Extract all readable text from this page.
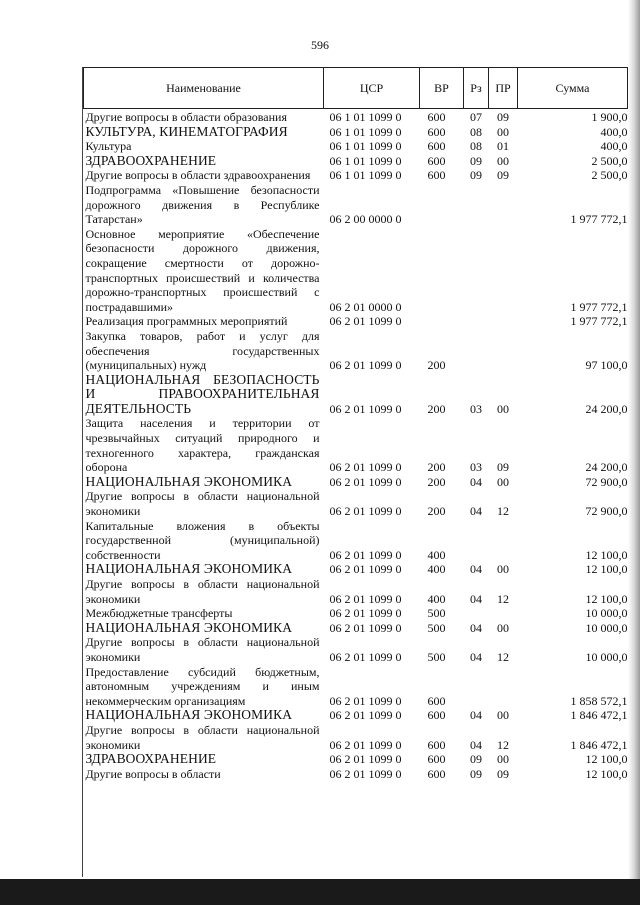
596
Наименование	ЦСР	ВР	Рз	ПР	Сумма
Другие вопросы в области образования	06 1 01 1099 0	600	07	09	1 900,0
КУЛЬТУРА, КИНЕМАТОГРАФИЯ	06 1 01 1099 0	600	08	00	400,0
Культура	06 1 01 1099 0	600	08	01	400,0
ЗДРАВООХРАНЕНИЕ	06 1 01 1099 0	600	09	00	2 500,0
Другие вопросы в области здравоохранения	06 1 01 1099 0	600	09	09	2 500,0
Подпрограмма «Повышение безопасности дорожного движения в Республике Татарстан»	06 2 00 0000 0				1 977 772,1
Основное мероприятие «Обеспечение безопасности дорожного движения, сокращение смертности от дорожно-транспортных происшествий и количества дорожно-транспортных происшествий с пострадавшими»	06 2 01 0000 0				1 977 772,1
Реализация программных мероприятий	06 2 01 1099 0				1 977 772,1
Закупка товаров, работ и услуг для обеспечения государственных (муниципальных) нужд	06 2 01 1099 0	200			97 100,0
НАЦИОНАЛЬНАЯ БЕЗОПАСНОСТЬ И ПРАВООХРАНИТЕЛЬНАЯ ДЕЯТЕЛЬНОСТЬ	06 2 01 1099 0	200	03	00	24 200,0
Защита населения и территории от чрезвычайных ситуаций природного и техногенного характера, гражданская оборона	06 2 01 1099 0	200	03	09	24 200,0
НАЦИОНАЛЬНАЯ ЭКОНОМИКА	06 2 01 1099 0	200	04	00	72 900,0
Другие вопросы в области национальной экономики	06 2 01 1099 0	200	04	12	72 900,0
Капитальные вложения в объекты государственной (муниципальной) собственности	06 2 01 1099 0	400			12 100,0
НАЦИОНАЛЬНАЯ ЭКОНОМИКА	06 2 01 1099 0	400	04	00	12 100,0
Другие вопросы в области национальной экономики	06 2 01 1099 0	400	04	12	12 100,0
Межбюджетные трансферты	06 2 01 1099 0	500			10 000,0
НАЦИОНАЛЬНАЯ ЭКОНОМИКА	06 2 01 1099 0	500	04	00	10 000,0
Другие вопросы в области национальной экономики	06 2 01 1099 0	500	04	12	10 000,0
Предоставление субсидий бюджетным, автономным учреждениям и иным некоммерческим организациям	06 2 01 1099 0	600			1 858 572,1
НАЦИОНАЛЬНАЯ ЭКОНОМИКА	06 2 01 1099 0	600	04	00	1 846 472,1
Другие вопросы в области национальной экономики	06 2 01 1099 0	600	04	12	1 846 472,1
ЗДРАВООХРАНЕНИЕ	06 2 01 1099 0	600	09	00	12 100,0
Другие вопросы в области	06 2 01 1099 0	600	09	09	12 100,0
